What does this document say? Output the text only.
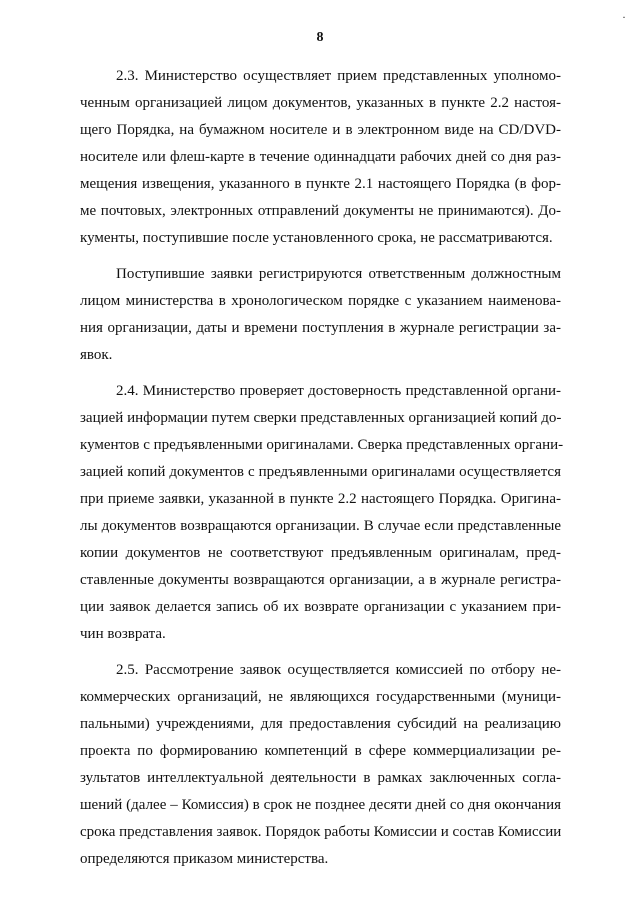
8
·
2.3. Министерство осуществляет прием представленных уполномо-
ченным организацией лицом документов, указанных в пункте 2.2 настоя-
щего Порядка, на бумажном носителе и в электронном виде на CD/DVD-
носителе или флеш-карте в течение одиннадцати рабочих дней со дня раз-
мещения извещения, указанного в пункте 2.1 настоящего Порядка (в фор-
ме почтовых, электронных отправлений документы не принимаются). До-
кументы, поступившие после установленного срока, не рассматриваются.
Поступившие заявки регистрируются ответственным должностным
лицом министерства в хронологическом порядке с указанием наименова-
ния организации, даты и времени поступления в журнале регистрации за-
явок.
2.4. Министерство проверяет достоверность представленной органи-
зацией информации путем сверки представленных организацией копий до-
кументов с предъявленными оригиналами. Сверка представленных органи-
зацией копий документов с предъявленными оригиналами осуществляется
при приеме заявки, указанной в пункте 2.2 настоящего Порядка. Оригина-
лы документов возвращаются организации. В случае если представленные
копии документов не соответствуют предъявленным оригиналам, пред-
ставленные документы возвращаются организации, а в журнале регистра-
ции заявок делается запись об их возврате организации с указанием при-
чин возврата.
2.5. Рассмотрение заявок осуществляется комиссией по отбору не-
коммерческих организаций, не являющихся государственными (муници-
пальными) учреждениями, для предоставления субсидий на реализацию
проекта по формированию компетенций в сфере коммерциализации ре-
зультатов интеллектуальной деятельности в рамках заключенных согла-
шений (далее – Комиссия) в срок не позднее десяти дней со дня окончания
срока представления заявок. Порядок работы Комиссии и состав Комиссии
определяются приказом министерства.
